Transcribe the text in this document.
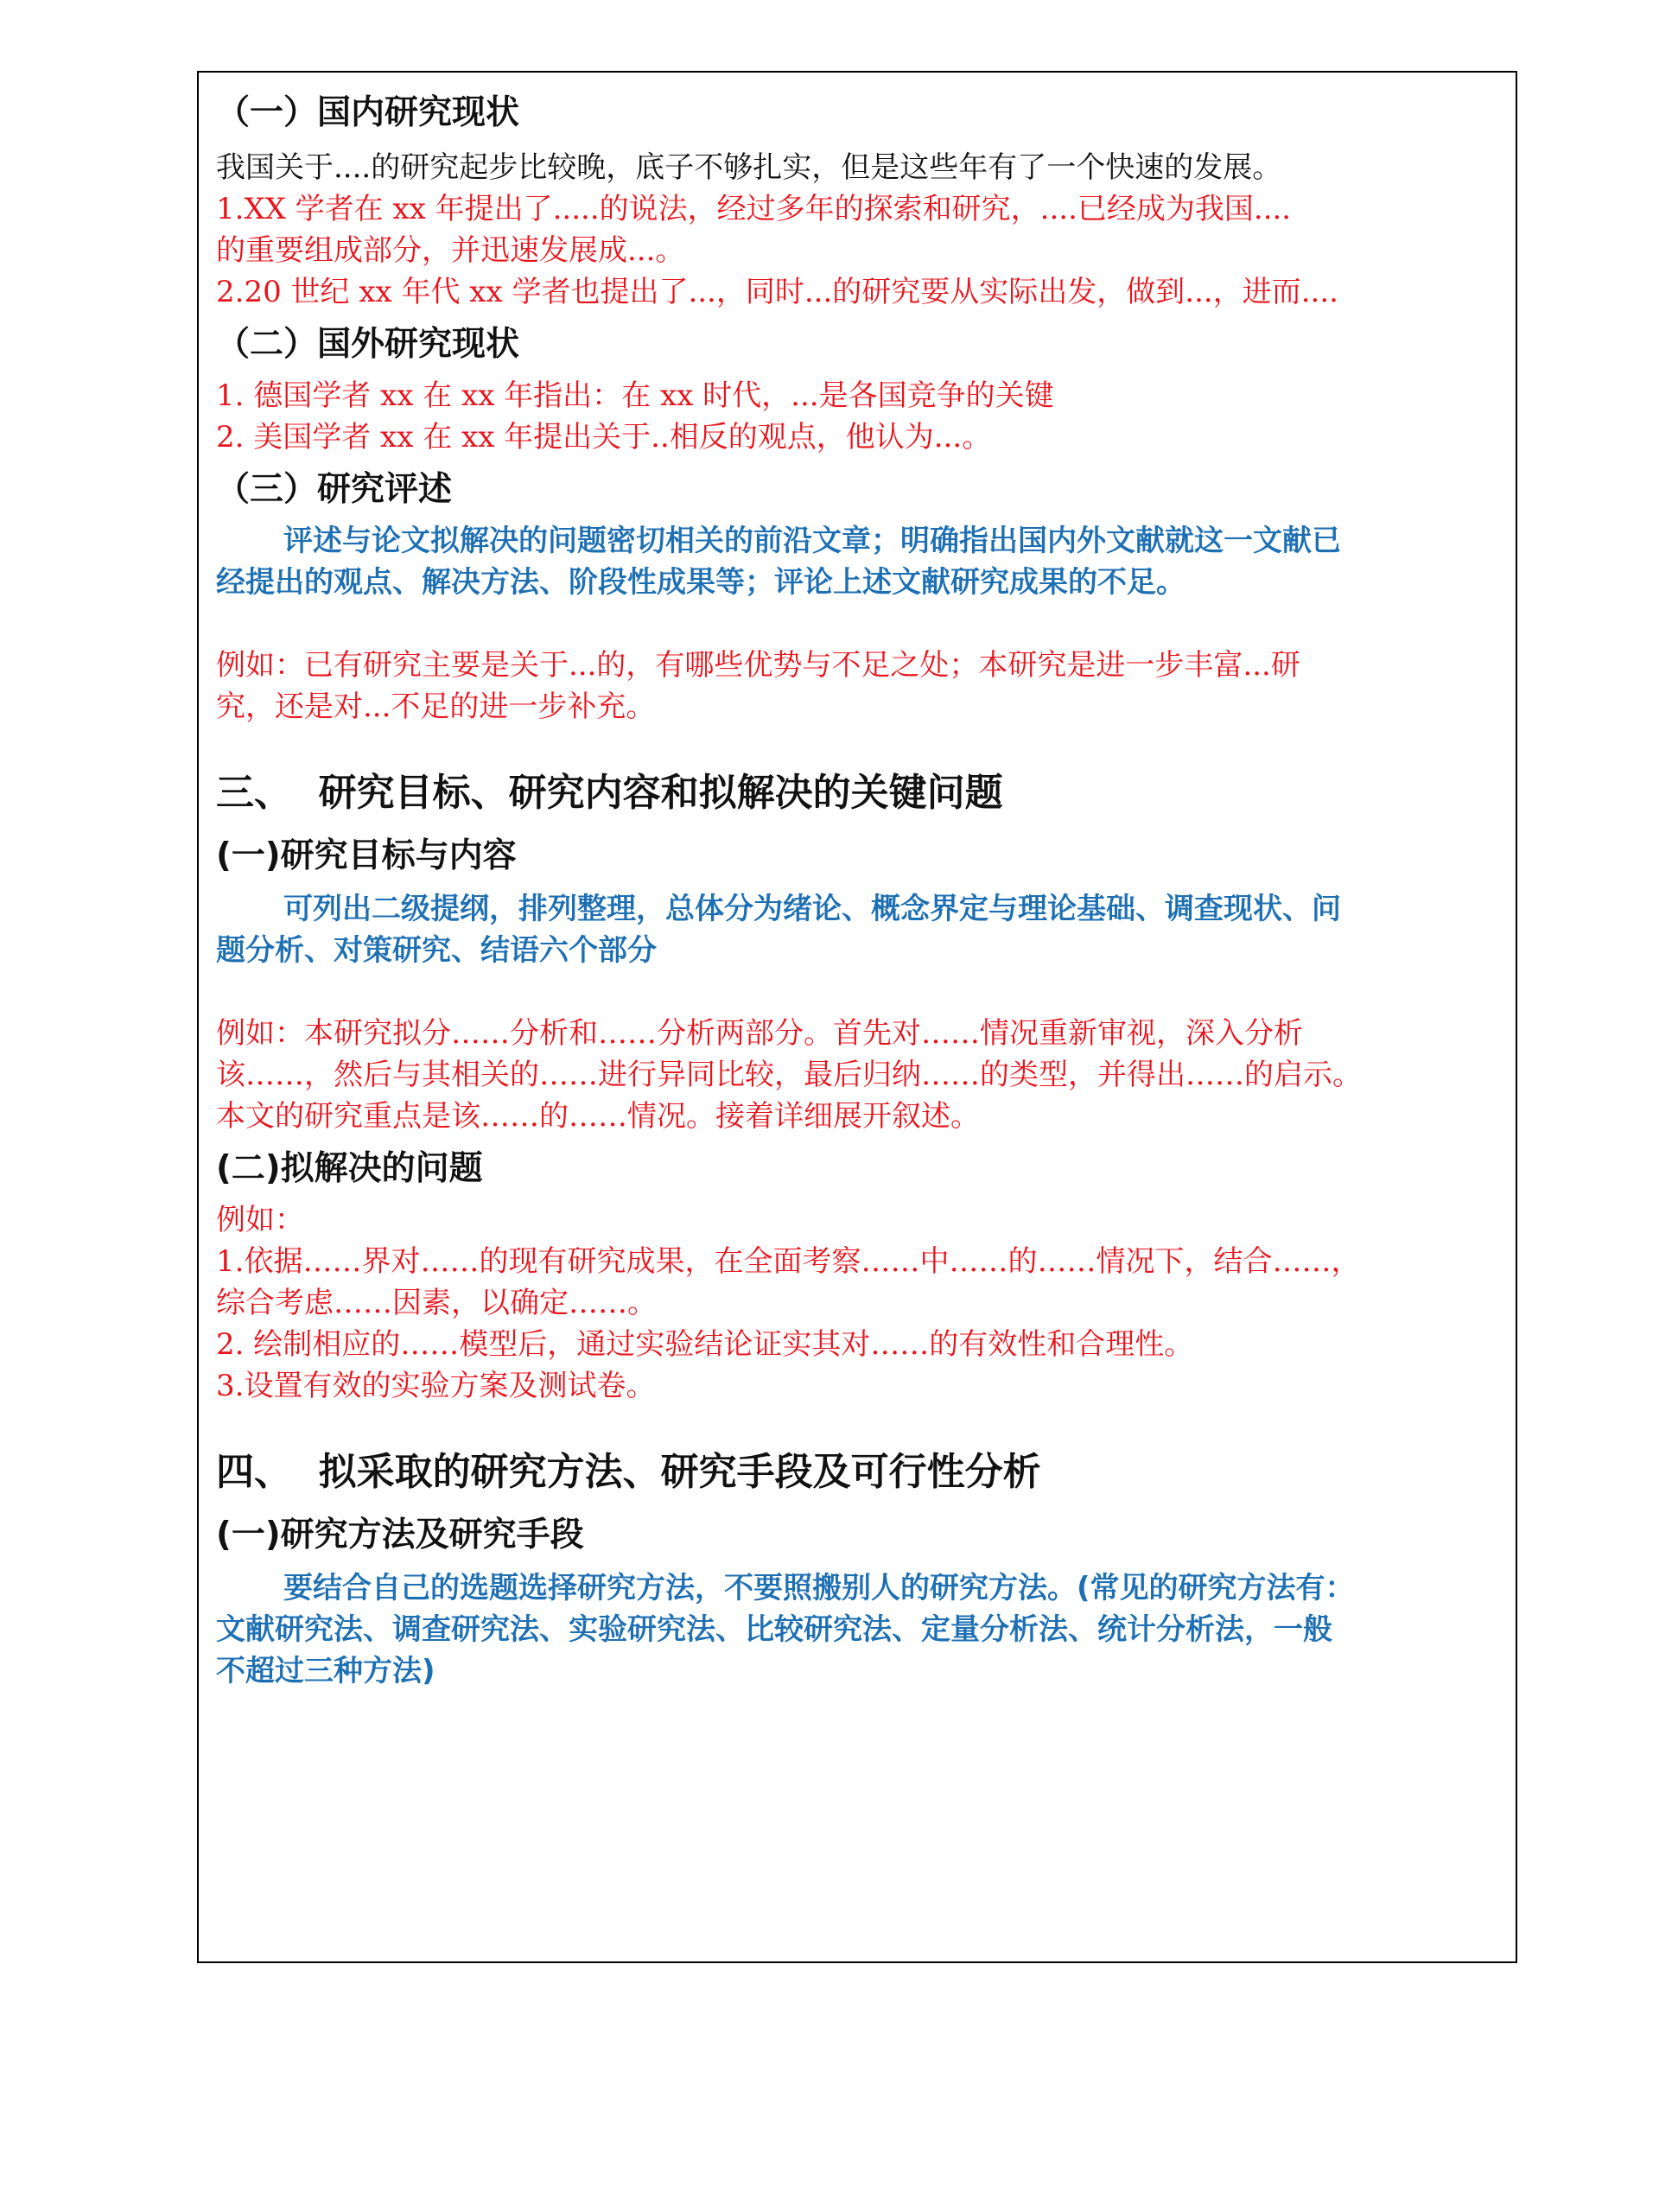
（一）国内研究现状

我国关于....的研究起步比较晚，底子不够扎实，但是这些年有了一个快速的发展。

1.XX 学者在 xx 年提出了.....的说法，经过多年的探索和研究，....已经成为我国....

的重要组成部分，并迅速发展成...。

2.20 世纪 xx 年代 xx 学者也提出了...，同时...的研究要从实际出发，做到...，进而....

（二）国外研究现状

1. 德国学者 xx 在 xx 年指出：在 xx 时代，...是各国竞争的关键

2. 美国学者 xx 在 xx 年提出关于..相反的观点，他认为...。

（三）研究评述

评述与论文拟解决的问题密切相关的前沿文章；明确指出国内外文献就这一文献已

经提出的观点、解决方法、阶段性成果等；评论上述文献研究成果的不足。

例如：已有研究主要是关于...的，有哪些优势与不足之处；本研究是进一步丰富...研

究，还是对...不足的进一步补充。

三、  研究目标、研究内容和拟解决的关键问题
(一)研究目标与内容

可列出二级提纲，排列整理，总体分为绪论、概念界定与理论基础、调查现状、问

题分析、对策研究、结语六个部分

例如：本研究拟分……分析和……分析两部分。首先对……情况重新审视，深入分析

该……，然后与其相关的……进行异同比较，最后归纳……的类型，并得出……的启示。

本文的研究重点是该……的……情况。接着详细展开叙述。

(二)拟解决的问题

例如：

1.依据……界对……的现有研究成果，在全面考察……中……的……情况下，结合……，

综合考虑……因素，以确定……。

2. 绘制相应的……模型后，通过实验结论证实其对……的有效性和合理性。

3.设置有效的实验方案及测试卷。

四、  拟采取的研究方法、研究手段及可行性分析
(一)研究方法及研究手段

要结合自己的选题选择研究方法，不要照搬别人的研究方法。(常见的研究方法有：

文献研究法、调查研究法、实验研究法、比较研究法、定量分析法、统计分析法，一般

不超过三种方法)
